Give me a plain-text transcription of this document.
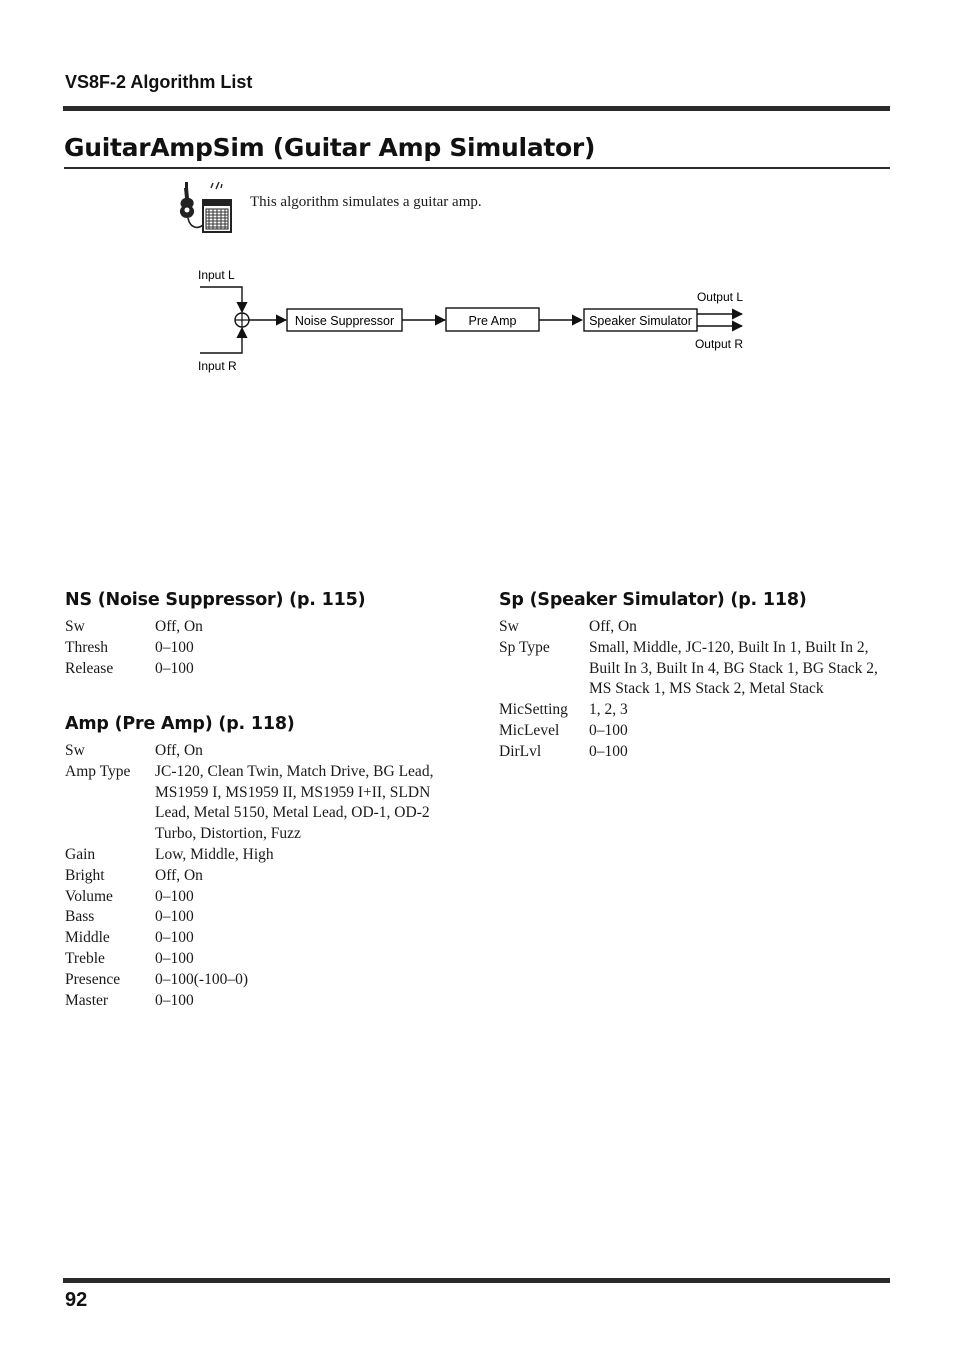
VS8F-2 Algorithm List
GuitarAmpSim (Guitar Amp Simulator)
This algorithm simulates a guitar amp.
Input L
Input R
Noise Suppressor	Pre Amp	Speaker Simulator
Output L
Output R
NS (Noise Suppressor) (p. 115)
Sw	Off, On
Thresh	0–100
Release	0–100
Amp (Pre Amp) (p. 118)
Sw	Off, On
Amp Type	JC-120, Clean Twin, Match Drive, BG Lead, MS1959 I, MS1959 II, MS1959 I+II, SLDN Lead, Metal 5150, Metal Lead, OD-1, OD-2 Turbo, Distortion, Fuzz
Gain	Low, Middle, High
Bright	Off, On
Volume	0–100
Bass	0–100
Middle	0–100
Treble	0–100
Presence	0–100(-100–0)
Master	0–100
Sp (Speaker Simulator) (p. 118)
Sw	Off, On
Sp Type	Small, Middle, JC-120, Built In 1, Built In 2, Built In 3, Built In 4, BG Stack 1, BG Stack 2, MS Stack 1, MS Stack 2, Metal Stack
MicSetting	1, 2, 3
MicLevel	0–100
DirLvl	0–100
92
